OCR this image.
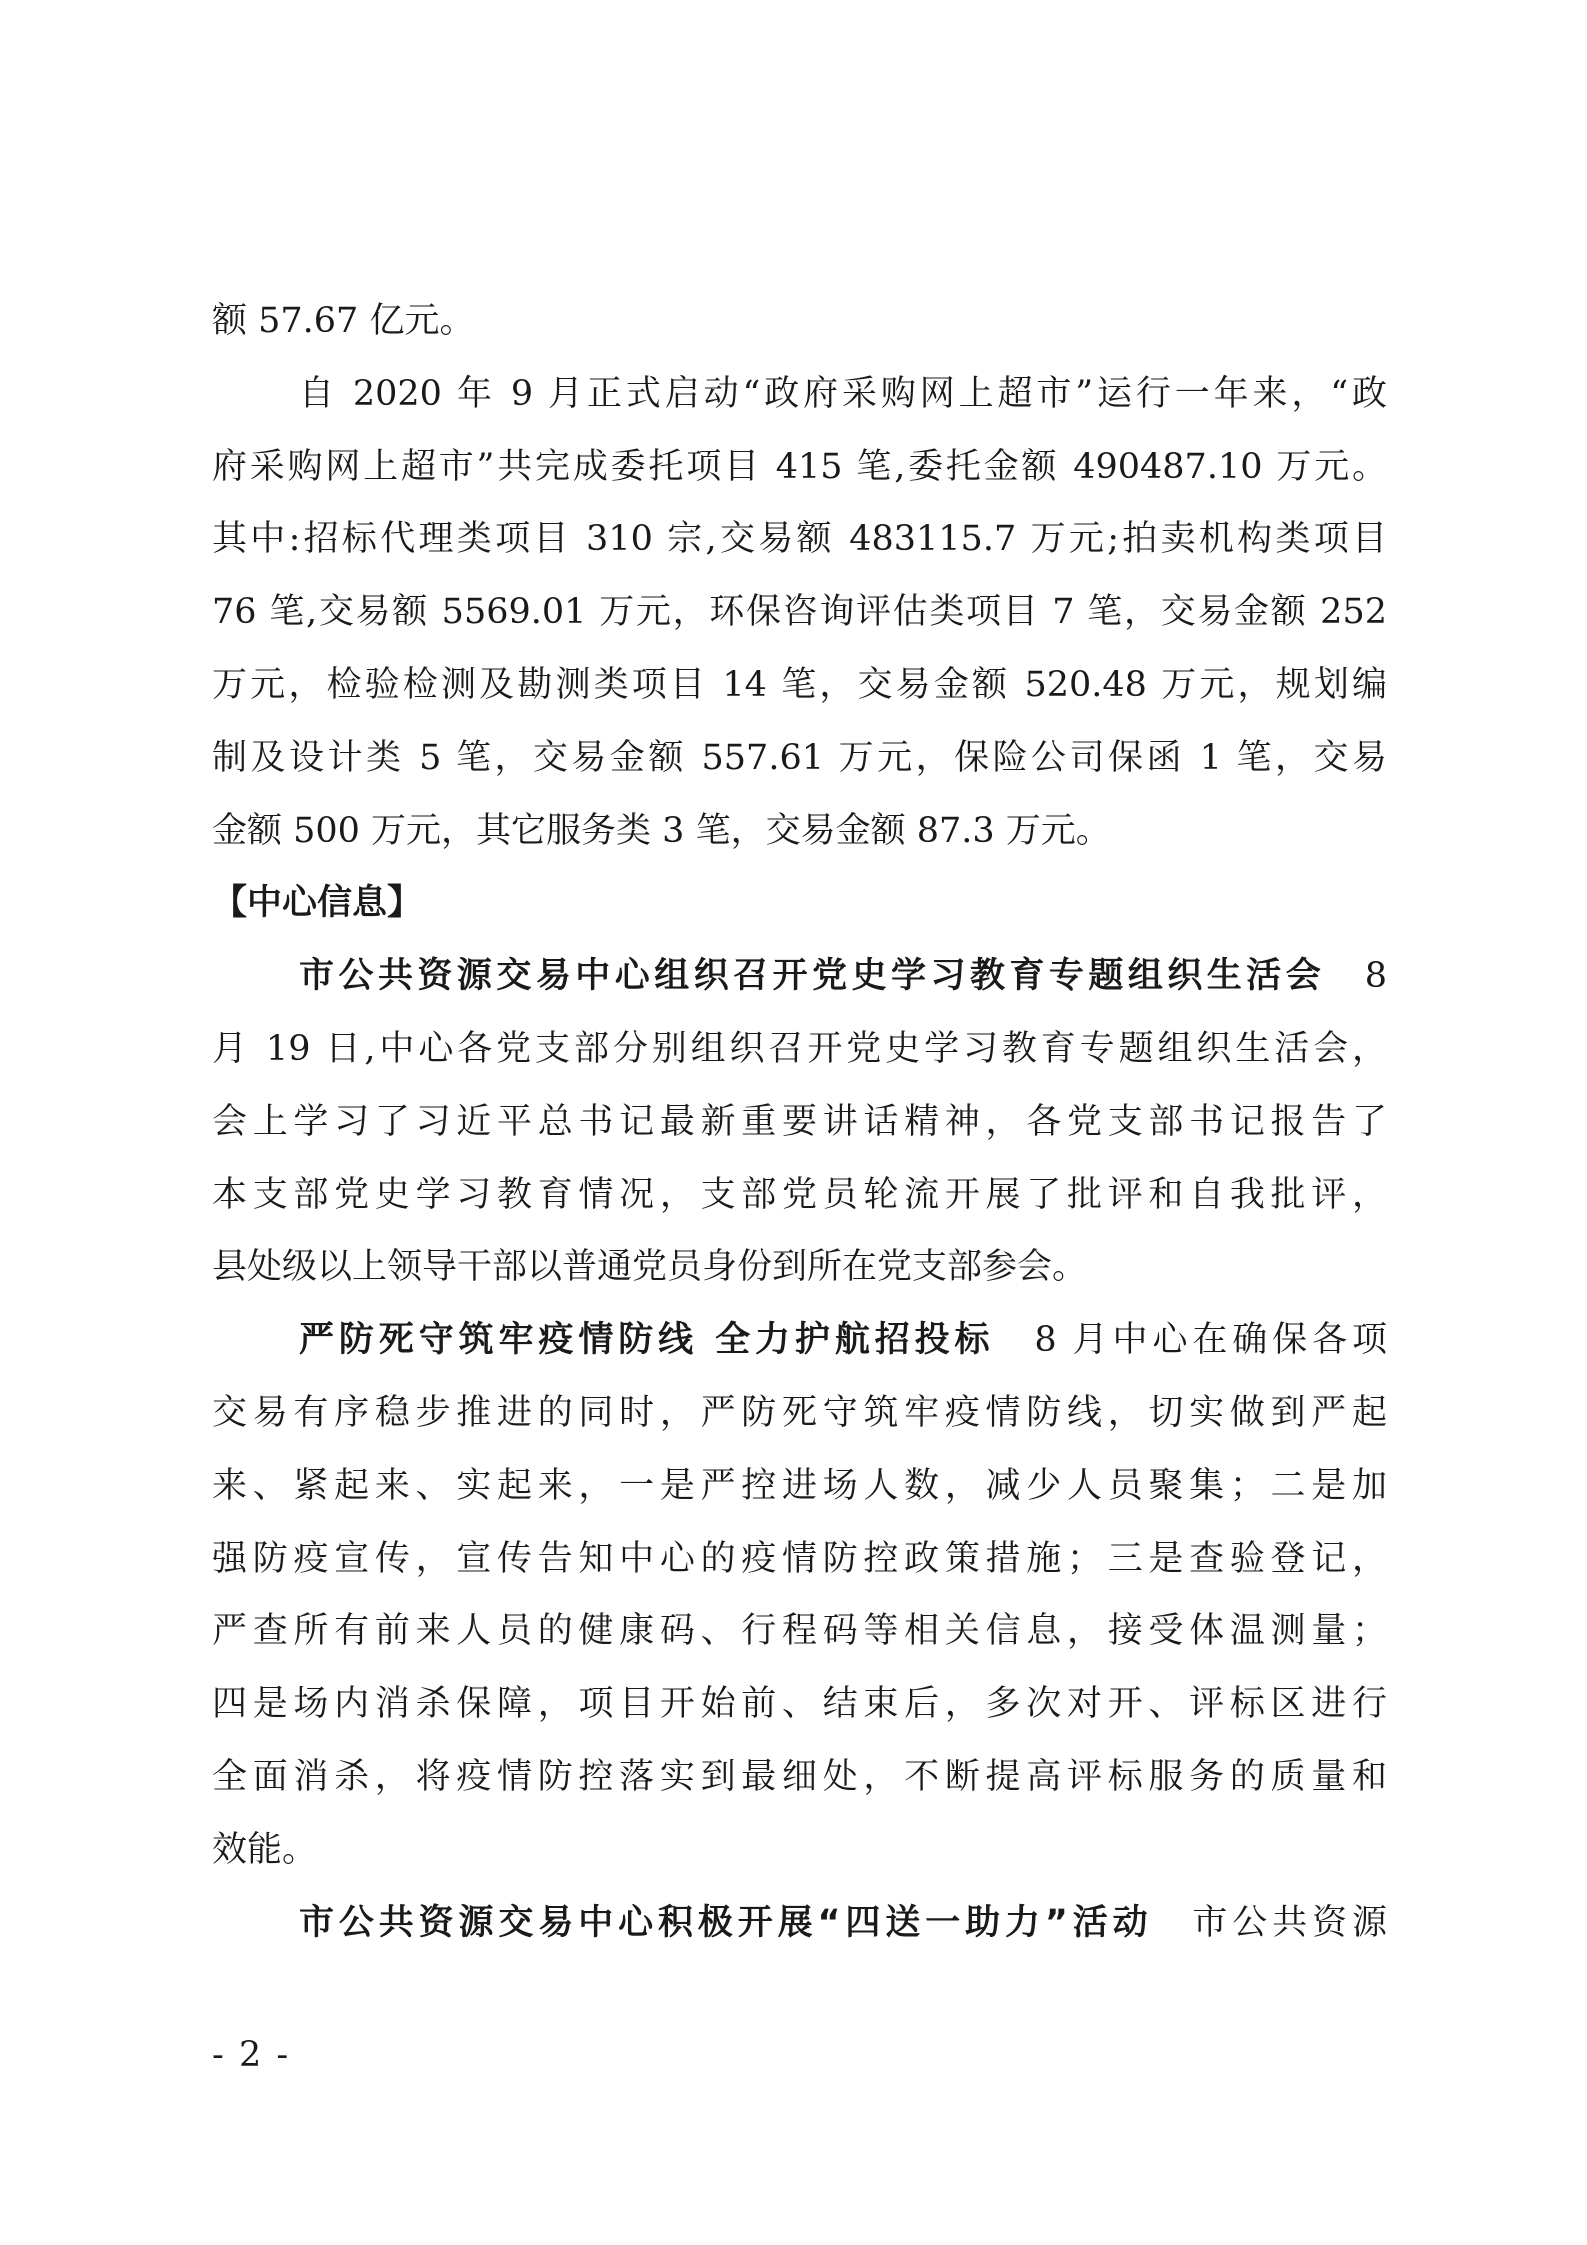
额 57.67 亿元。
自 2020 年 9 月正式启动“政府采购网上超市”运行一年来，“政
府采购网上超市”共完成委托项目 415 笔,委托金额 490487.10 万元。
其中:招标代理类项目 310 宗,交易额 483115.7 万元;拍卖机构类项目
76 笔,交易额 5569.01 万元，环保咨询评估类项目 7 笔，交易金额 252
万元，检验检测及勘测类项目 14 笔，交易金额 520.48 万元，规划编
制及设计类 5 笔，交易金额 557.61 万元，保险公司保函 1 笔，交易
金额 500 万元，其它服务类 3 笔，交易金额 87.3 万元。
【中心信息】
市公共资源交易中心组织召开党史学习教育专题组织生活会　 8
月 19 日,中心各党支部分别组织召开党史学习教育专题组织生活会，
会上学习了习近平总书记最新重要讲话精神，各党支部书记报告了
本支部党史学习教育情况，支部党员轮流开展了批评和自我批评，
县处级以上领导干部以普通党员身份到所在党支部参会。
严防死守筑牢疫情防线 全力护航招投标　 8 月中心在确保各项
交易有序稳步推进的同时，严防死守筑牢疫情防线，切实做到严起
来、紧起来、实起来，一是严控进场人数，减少人员聚集；二是加
强防疫宣传，宣传告知中心的疫情防控政策措施；三是查验登记，
严查所有前来人员的健康码、行程码等相关信息，接受体温测量；
四是场内消杀保障，项目开始前、结束后，多次对开、评标区进行
全面消杀，将疫情防控落实到最细处，不断提高评标服务的质量和
效能。
市公共资源交易中心积极开展“四送一助力”活动　 市公共资源
- 2 -
